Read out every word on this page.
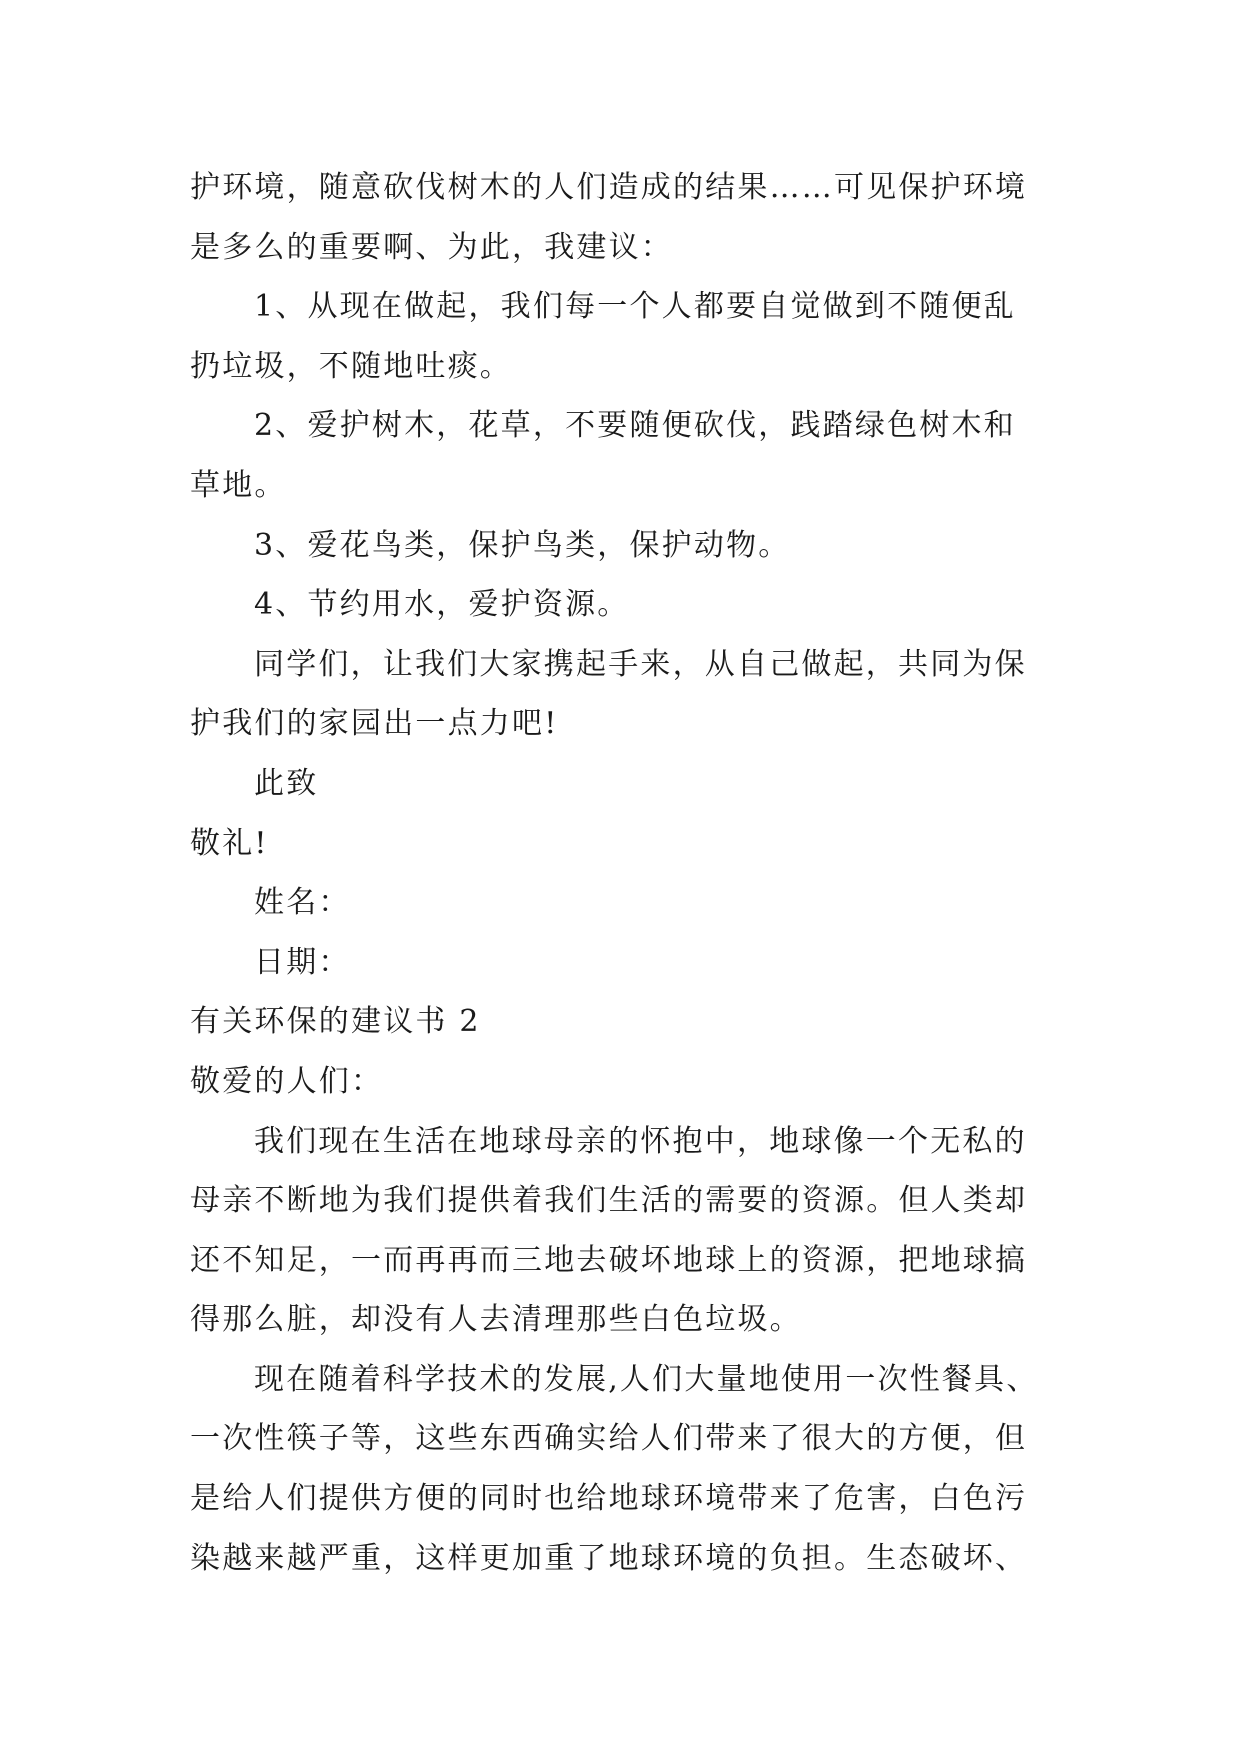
护环境，随意砍伐树木的人们造成的结果……可见保护环境
是多么的重要啊、为此，我建议：
1、从现在做起，我们每一个人都要自觉做到不随便乱
扔垃圾，不随地吐痰。
2、爱护树木，花草，不要随便砍伐，践踏绿色树木和
草地。
3、爱花鸟类，保护鸟类，保护动物。
4、节约用水，爱护资源。
同学们，让我们大家携起手来，从自己做起，共同为保
护我们的家园出一点力吧!
此致
敬礼!
姓名：
日期：
有关环保的建议书 2
敬爱的人们：
我们现在生活在地球母亲的怀抱中，地球像一个无私的
母亲不断地为我们提供着我们生活的需要的资源。但人类却
还不知足，一而再再而三地去破坏地球上的资源，把地球搞
得那么脏，却没有人去清理那些白色垃圾。
现在随着科学技术的发展,人们大量地使用一次性餐具、
一次性筷子等，这些东西确实给人们带来了很大的方便，但
是给人们提供方便的同时也给地球环境带来了危害，白色污
染越来越严重，这样更加重了地球环境的负担。生态破坏、
